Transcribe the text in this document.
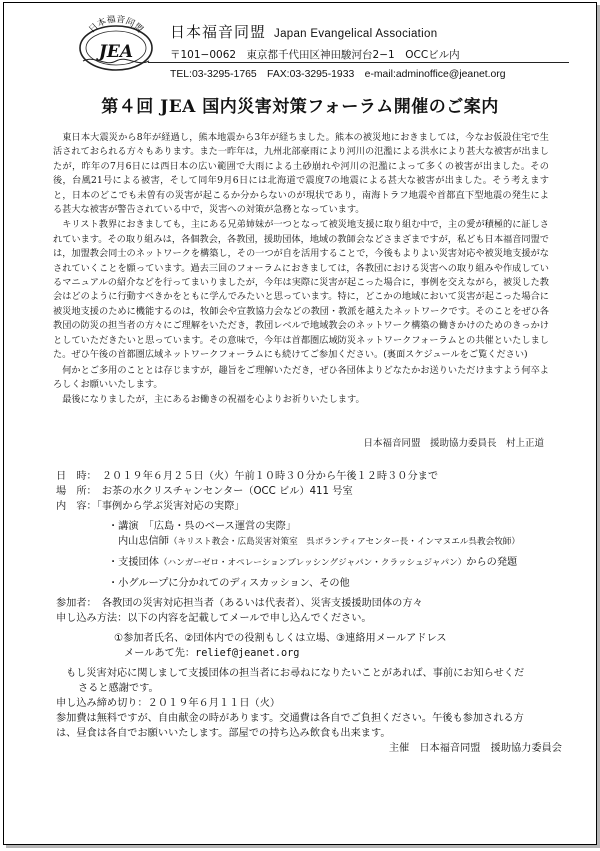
日本福音同盟
JEA
日本福音同盟 Japan Evangelical Association
〒101−0062　東京都千代田区神田駿河台2−1　OCCビル内
TEL:03-3295-1765　FAX:03-3295-1933　e-mail:adminoffice@jeanet.org
第４回 JEA 国内災害対策フォーラム開催のご案内

東日本大震災から8年が経過し，熊本地震から3年が経ちました。熊本の被災地におきましては，今なお仮設住宅で生活されておられる方々もあります。また一昨年は，九州北部豪雨により河川の氾濫による洪水により甚大な被害が出ましたが，昨年の7月6日には西日本の広い範囲で大雨による土砂崩れや河川の氾濫によって多くの被害が出ました。その後，台風21号による被害，そして同年9月6日には北海道で震度7の地震による甚大な被害が出ました。そう考えますと，日本のどこでも未曽有の災害が起こるか分からないのが現状であり，南海トラフ地震や首都直下型地震の発生による甚大な被害が警告されている中で，災害への対策が急務となっています。

キリスト教界におきましても，主にある兄弟姉妹が一つとなって被災地支援に取り組む中で，主の愛が積極的に証しされています。その取り組みは，各個教会，各教団，援助団体，地域の教師会などさまざまですが，私ども日本福音同盟では，加盟教会同士のネットワークを構築し，その一つが自を活用することで，今後もよりよい災害対応や被災地支援がなされていくことを願っています。過去三回のフォーラムにおきましては，各教団における災害への取り組みや作成しているマニュアルの紹介などを行ってまいりましたが，今年は実際に災害が起こった場合に，事例を交えながら，被災した教会はどのように行動すべきかをともに学んでみたいと思っています。特に，どこかの地域において災害が起こった場合に被災地支援のために機能するのは，牧師会や宣教協力会などの教団・教派を越えたネットワークです。そのことをぜひ各教団の防災の担当者の方々にご理解をいただき，教団レベルで地域教会のネットワーク構築の働きかけのためのきっかけとしていただきたいと思っています。その意味で，今年は首都圏広域防災ネットワークフォーラムとの共催といたしました。ぜひ午後の首都圏広域ネットワークフォーラムにも続けてご参加ください。(裏面スケジュールをご覧ください)

何かとご多用のこととは存じますが，趣旨をご理解いただき，ぜひ各団体よりどなたかお送りいただけますよう何卒よろしくお願いいたします。

最後になりましたが，主にあるお働きの祝福を心よりお祈りいたします。

日本福音同盟　援助協力委員長　村上正道
日　時：　２０１９年６月２５日（火）午前１０時３０分から午後１２時３０分まで
場　所：　お茶の水クリスチャンセンター（OCC ビル）411 号室
内　容：「事例から学ぶ災害対応の実際」
・講演　「広島・呉のベース運営の実際」
内山忠信師（キリスト教会・広島災害対策室　呉ボランティアセンター長・インマヌエル呉教会牧師）
・支援団体（ハンガーゼロ・オペレーションブレッシングジャパン・クラッシュジャパン）からの発題
・小グループに分かれてのディスカッション、その他
参加者：　各教団の災害対応担当者（あるいは代表者）、災害支援援助団体の方々
申し込み方法：以下の内容を記載してメールで申し込んでください。
①参加者氏名、②団体内での役割もしくは立場、③連絡用メールアドレス
メールあて先：relief@jeanet.org
もし災害対応に関しまして支援団体の担当者にお尋ねになりたいことがあれば、事前にお知らせくだ
さると感謝です。
申し込み締め切り：２０１９年６月１１日（火）
参加費は無料ですが、自由献金の時があります。交通費は各自でご負担ください。午後も参加される方
は、昼食は各自でお願いいたします。部屋での持ち込み飲食も出来ます。
主催　日本福音同盟　援助協力委員会
